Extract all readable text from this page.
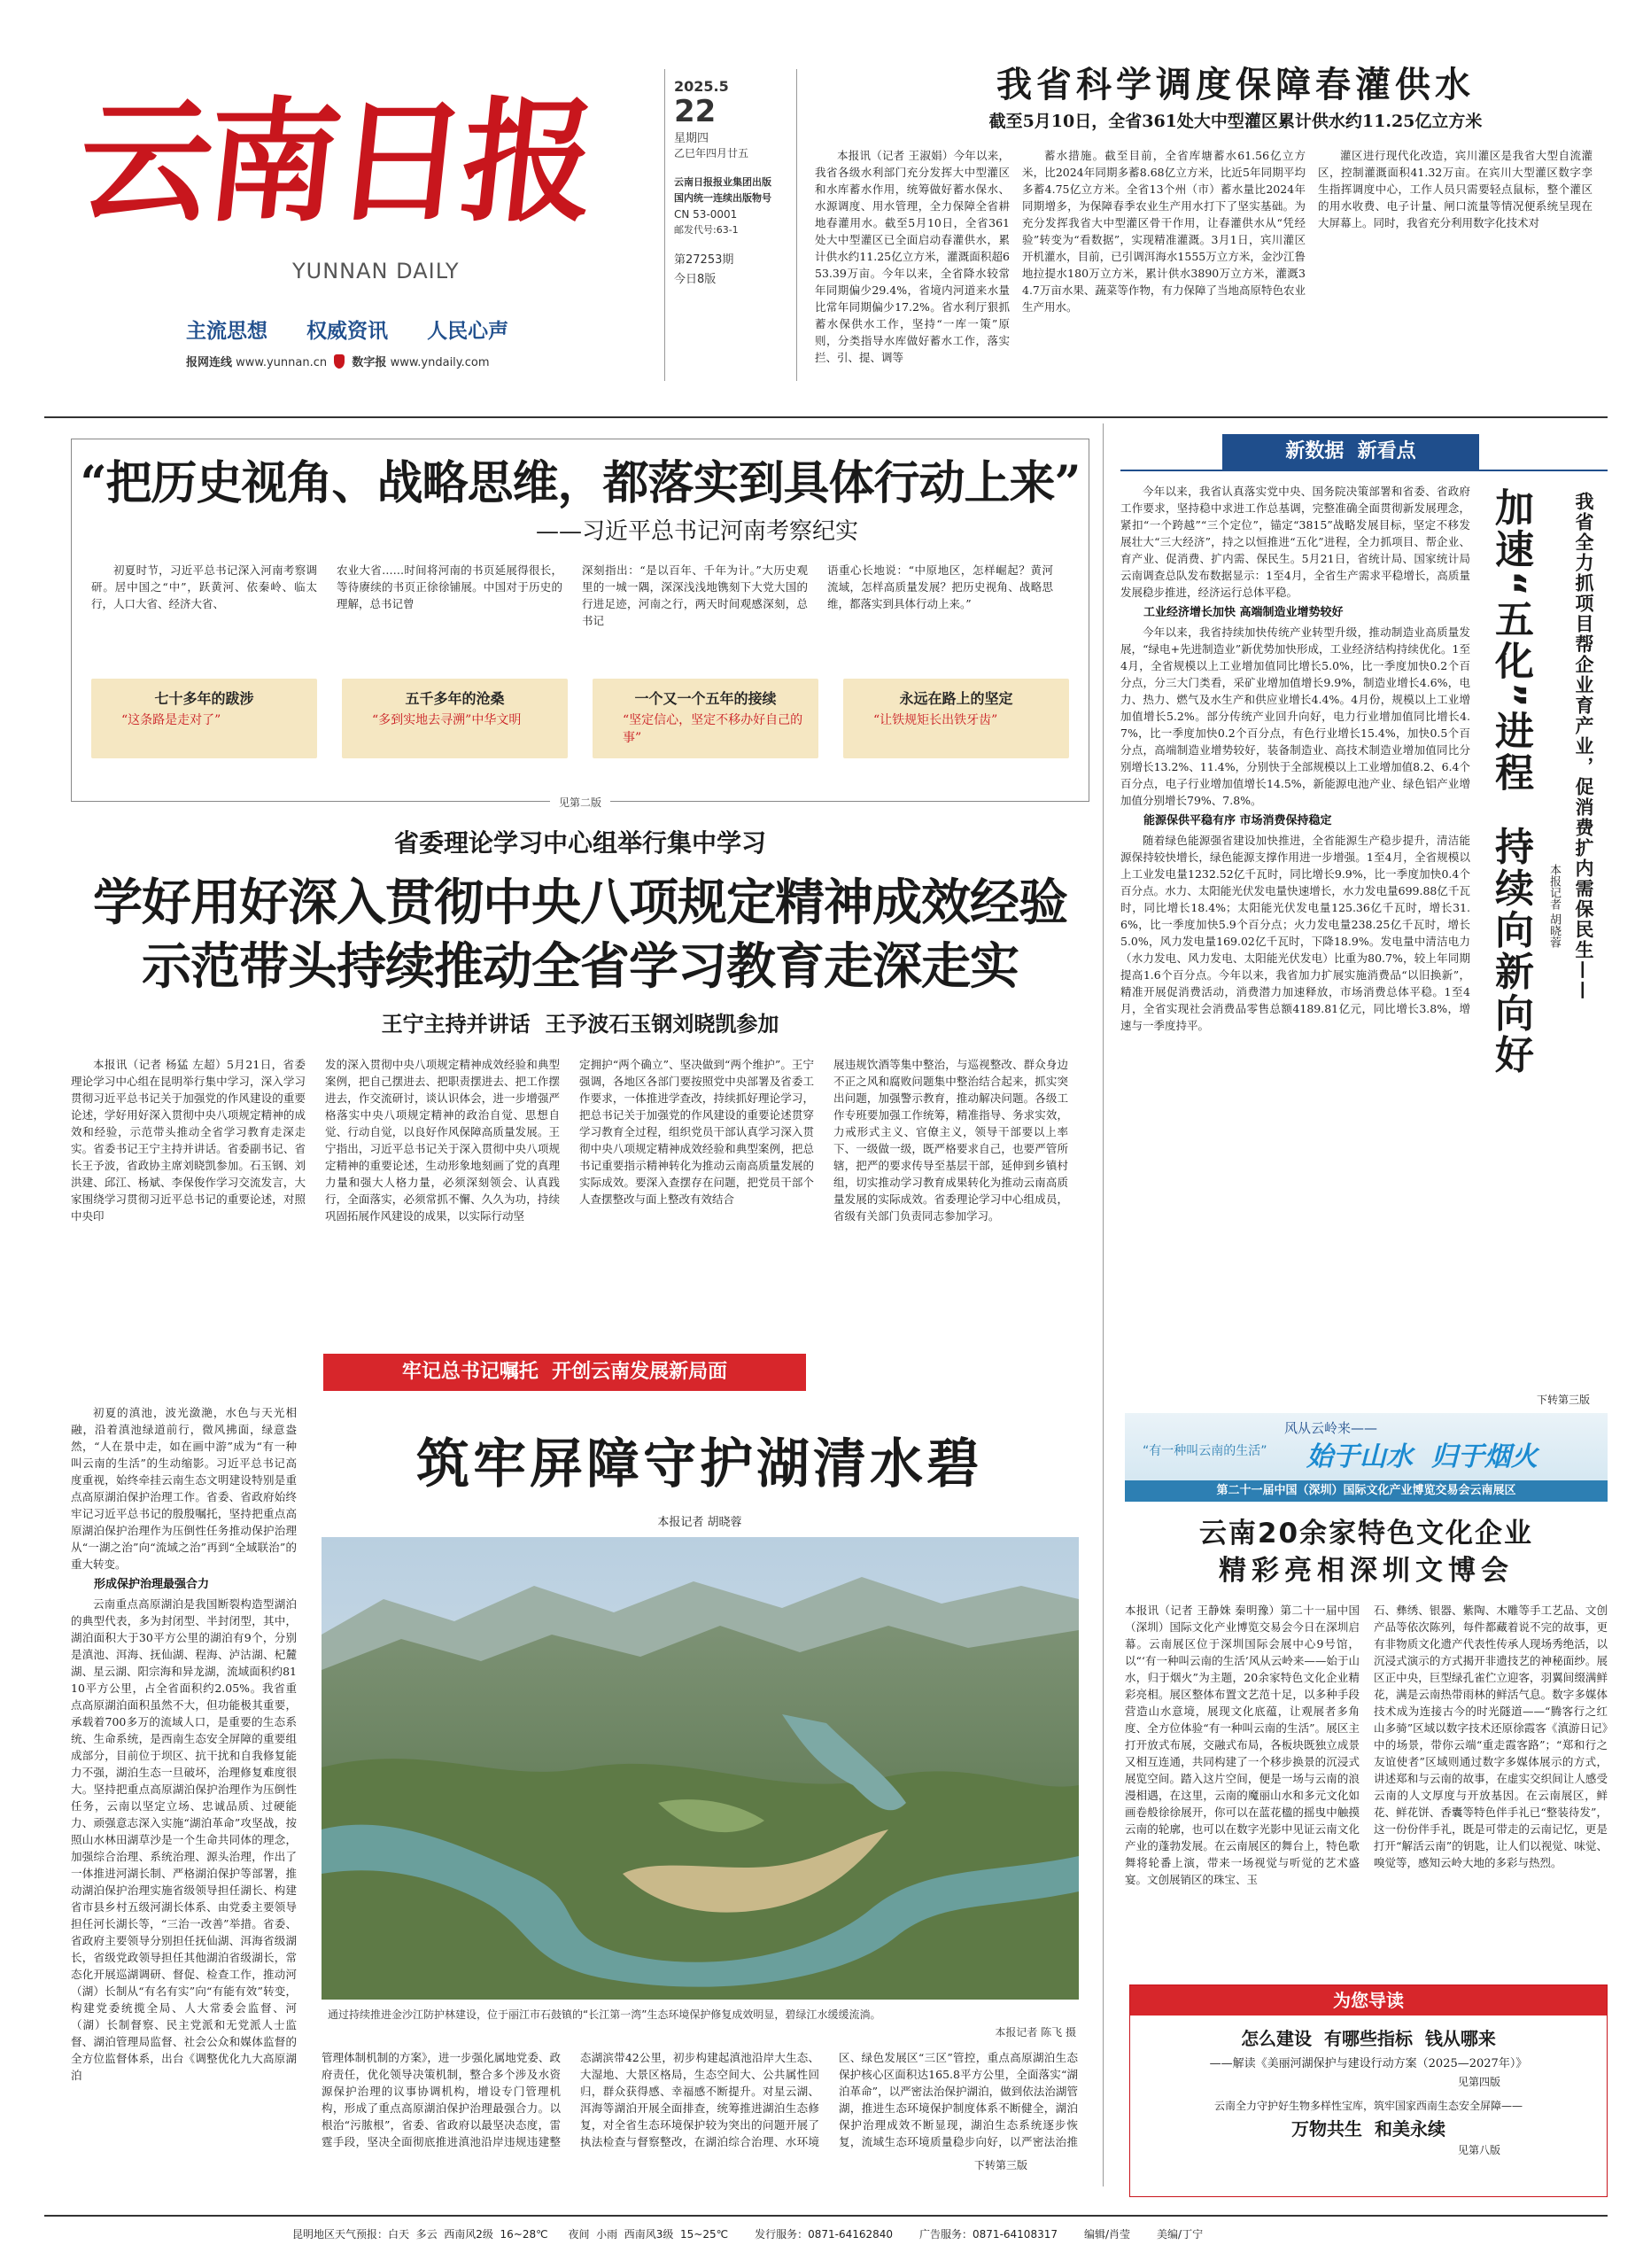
云南日报
YUNNAN DAILY
主流思想 权威资讯 人民心声
报网连线 www.yunnan.cn 数字报 www.yndaily.com
2025.5
22
星期四
乙巳年四月廿五
云南日报报业集团出版
国内统一连续出版物号
CN 53-0001
邮发代号:63-1
第27253期
今日8版
我省科学调度保障春灌供水
截至5月10日，全省361处大中型灌区累计供水约11.25亿立方米
本报讯（记者 王淑娟）今年以来，我省各级水利部门充分发挥大中型灌区和水库蓄水作用，统筹做好蓄水保水、水源调度、用水管理，全力保障全省耕地春灌用水。截至5月10日，全省361处大中型灌区已全面启动春灌供水，累计供水约11.25亿立方米，灌溉面积超653.39万亩。今年以来，全省降水较常年同期偏少29.4%，省境内河道来水量比常年同期偏少17.2%。省水利厅狠抓蓄水保供水工作，坚持“一库一策”原则，分类指导水库做好蓄水工作，落实拦、引、提、调等
蓄水措施。截至目前，全省库塘蓄水61.56亿立方米，比2024年同期多蓄8.68亿立方米，比近5年同期平均多蓄4.75亿立方米。全省13个州（市）蓄水量比2024年同期增多，为保障春季农业生产用水打下了坚实基础。为充分发挥我省大中型灌区骨干作用，让春灌供水从“凭经验”转变为“看数据”，实现精准灌溉。3月1日，宾川灌区开机灌水，目前，已引调洱海水1555万立方米，金沙江鲁地拉提水180万立方米，累计供水3890万立方米，灌溉34.7万亩水果、蔬菜等作物，有力保障了当地高原特色农业生产用水。
灌区进行现代化改造，宾川灌区是我省大型自流灌区，控制灌溉面积41.32万亩。在宾川大型灌区数字孪生指挥调度中心，工作人员只需要轻点鼠标，整个灌区的用水收费、电子计量、闸口流量等情况便系统呈现在大屏幕上。同时，我省充分利用数字化技术对
“把历史视角、战略思维，都落实到具体行动上来”
——习近平总书记河南考察纪实
初夏时节，习近平总书记深入河南考察调研。居中国之“中”，跃黄河、依秦岭、临太行，人口大省、经济大省、
农业大省……时间将河南的书页延展得很长，等待赓续的书页正徐徐铺展。中国对于历史的理解，总书记曾
深刻指出：“是以百年、千年为计。”大历史观里的一城一隅，深深浅浅地镌刻下大党大国的行进足迹，河南之行，两天时间观感深刻，总书记
语重心长地说：“中原地区，怎样崛起？黄河流域，怎样高质量发展？把历史视角、战略思维，都落实到具体行动上来。”
七十多年的跋涉
“这条路是走对了”
五千多年的沧桑
“多到实地去寻溯”中华文明
一个又一个五年的接续
“坚定信心，坚定不移办好自己的事”
永远在路上的坚定
“让铁规矩长出铁牙齿”
见第二版
省委理论学习中心组举行集中学习
学好用好深入贯彻中央八项规定精神成效经验
示范带头持续推动全省学习教育走深走实
王宁主持并讲话  王予波石玉钢刘晓凯参加
本报讯（记者 杨猛 左超）5月21日，省委理论学习中心组在昆明举行集中学习，深入学习贯彻习近平总书记关于加强党的作风建设的重要论述，学好用好深入贯彻中央八项规定精神的成效和经验，示范带头推动全省学习教育走深走实。省委书记王宁主持并讲话。省委副书记、省长王予波，省政协主席刘晓凯参加。石玉钢、刘洪建、邱江、杨斌、李保俊作学习交流发言，大家围绕学习贯彻习近平总书记的重要论述，对照中央印
发的深入贯彻中央八项规定精神成效经验和典型案例，把自己摆进去、把职责摆进去、把工作摆进去，作交流研讨，谈认识体会，进一步增强严格落实中央八项规定精神的政治自觉、思想自觉、行动自觉，以良好作风保障高质量发展。王宁指出，习近平总书记关于深入贯彻中央八项规定精神的重要论述，生动形象地刻画了党的真理力量和强大人格力量，必须深刻领会、认真践行，全面落实，必须常抓不懈、久久为功，持续巩固拓展作风建设的成果，以实际行动坚
定拥护“两个确立”、坚决做到“两个维护”。王宁强调，各地区各部门要按照党中央部署及省委工作要求，一体推进学查改，持续抓好理论学习，把总书记关于加强党的作风建设的重要论述贯穿学习教育全过程，组织党员干部认真学习深入贯彻中央八项规定精神成效经验和典型案例，把总书记重要指示精神转化为推动云南高质量发展的实际成效。要深入查摆存在问题，把党员干部个人查摆整改与面上整改有效结合
展违规饮酒等集中整治，与巡视整改、群众身边不正之风和腐败问题集中整治结合起来，抓实突出问题，加强警示教育，推动解决问题。各级工作专班要加强工作统筹，精准指导、务求实效，力戒形式主义、官僚主义，领导干部要以上率下、一级做一级，既严格要求自己，也要严管所辖，把严的要求传导至基层干部，延伸到乡镇村组，切实推动学习教育成果转化为推动云南高质量发展的实际成效。省委理论学习中心组成员，省级有关部门负责同志参加学习。
牢记总书记嘱托  开创云南发展新局面

初夏的滇池，波光潋滟，水色与天光相融，沿着滇池绿道前行，微风拂面，绿意盎然，“人在景中走，如在画中游”成为“有一种叫云南的生活”的生动缩影。习近平总书记高度重视，始终牵挂云南生态文明建设特别是重点高原湖泊保护治理工作。省委、省政府始终牢记习近平总书记的殷殷嘱托，坚持把重点高原湖泊保护治理作为压倒性任务推动保护治理从“一湖之治”向“流域之治”再到“全域联治”的重大转变。

形成保护治理最强合力

云南重点高原湖泊是我国断裂构造型湖泊的典型代表，多为封闭型、半封闭型，其中，湖泊面积大于30平方公里的湖泊有9个，分别是滇池、洱海、抚仙湖、程海、泸沽湖、杞麓湖、星云湖、阳宗海和异龙湖，流域面积约8110平方公里，占全省面积约2.05%。我省重点高原湖泊面积虽然不大，但功能极其重要，承载着700多万的流域人口，是重要的生态系统、生命系统，是西南生态安全屏障的重要组成部分，目前位于坝区、抗干扰和自我修复能力不强，湖泊生态一旦破坏，治理修复难度很大。坚持把重点高原湖泊保护治理作为压倒性任务，云南以坚定立场、忠诚品质、过硬能力、顽强意志深入实施“湖泊革命”攻坚战，按照山水林田湖草沙是一个生命共同体的理念，加强综合治理、系统治理、源头治理，作出了一体推进河湖长制、严格湖泊保护等部署，推动湖泊保护治理实施省级领导担任湖长、构建省市县乡村五级河湖长体系、由党委主要领导担任河长湖长等，“三治一改善”举措。省委、省政府主要领导分别担任抚仙湖、洱海省级湖长，省级党政领导担任其他湖泊省级湖长，常态化开展巡湖调研、督促、检查工作，推动河（湖）长制从“有名有实”向“有能有效”转变，构建党委统揽全局、人大常委会监督、河（湖）长制督察、民主党派和无党派人士监督、湖泊管理局监督、社会公众和媒体监督的全方位监督体系，出台《调整优化九大高原湖泊

筑牢屏障守护湖清水碧
本报记者 胡晓蓉
通过持续推进金沙江防护林建设，位于丽江市石鼓镇的“长江第一湾”生态环境保护修复成效明显，碧绿江水缓缓流淌。
本报记者 陈飞 摄
管理体制机制的方案》，进一步强化属地党委、政府责任，优化领导决策机制，整合多个涉及水资源保护治理的议事协调机构，增设专门管理机构，形成了重点高原湖泊保护治理最强合力。以根治“污脓根”，省委、省政府以最坚决态度，雷霆手段，坚决全面彻底推进滇池沿岸违规违建整
态湖滨带42公里，初步构建起滇池沿岸大生态、大湿地、大景区格局，生态空间大、公共属性回归，群众获得感、幸福感不断提升。对星云湖、洱海等湖泊开展全面排查，统筹推进湖泊生态修复，对全省生态环境保护较为突出的问题开展了执法检查与督察整改，在湖泊综合治理、水环境
区、绿色发展区“三区”管控，重点高原湖泊生态保护核心区面积达165.8平方公里，全面落实“湖泊革命”，以严密法治保护湖泊，做到依法治湖管湖，推进生态环境保护制度体系不断健全，湖泊保护治理成效不断显现，湖泊生态系统逐步恢复，流域生态环境质量稳步向好，以严密法治推
下转第三版
新数据  新看点

今年以来，我省认真落实党中央、国务院决策部署和省委、省政府工作要求，坚持稳中求进工作总基调，完整准确全面贯彻新发展理念，紧扣“一个跨越”“三个定位”，锚定“3815”战略发展目标，坚定不移发展壮大“三大经济”，持之以恒推进“五化”进程，全力抓项目、帮企业、育产业、促消费、扩内需、保民生。5月21日，省统计局、国家统计局云南调查总队发布数据显示：1至4月，全省生产需求平稳增长，高质量发展稳步推进，经济运行总体平稳。

工业经济增长加快 高端制造业增势较好

今年以来，我省持续加快传统产业转型升级，推动制造业高质量发展，“绿电+先进制造业”新优势加快形成，工业经济结构持续优化。1至4月，全省规模以上工业增加值同比增长5.0%，比一季度加快0.2个百分点，分三大门类看，采矿业增加值增长9.9%，制造业增长4.6%，电力、热力、燃气及水生产和供应业增长4.4%。4月份，规模以上工业增加值增长5.2%。部分传统产业回升向好，电力行业增加值同比增长4.7%，比一季度加快0.2个百分点，有色行业增长15.4%，加快0.5个百分点，高端制造业增势较好，装备制造业、高技术制造业增加值同比分别增长13.2%、11.4%，分别快于全部规模以上工业增加值8.2、6.4个百分点，电子行业增加值增长14.5%，新能源电池产业、绿色铝产业增加值分别增长79%、7.8%。

能源保供平稳有序 市场消费保持稳定

随着绿色能源强省建设加快推进，全省能源生产稳步提升，清洁能源保持较快增长，绿色能源支撑作用进一步增强。1至4月，全省规模以上工业发电量1232.52亿千瓦时，同比增长9.9%，比一季度加快0.4个百分点。水力、太阳能光伏发电量快速增长，水力发电量699.88亿千瓦时，同比增长18.4%；太阳能光伏发电量125.36亿千瓦时，增长31.6%，比一季度加快5.9个百分点；火力发电量238.25亿千瓦时，增长5.0%，风力发电量169.02亿千瓦时，下降18.9%。发电量中清洁电力（水力发电、风力发电、太阳能光伏发电）比重为80.7%，较上年同期提高1.6个百分点。今年以来，我省加力扩展实施消费品“以旧换新”，精准开展促消费活动，消费潜力加速释放，市场消费总体平稳。1至4月，全省实现社会消费品零售总额4189.81亿元，同比增长3.8%，增速与一季度持平。

我省全力抓项目帮企业育产业，促消费扩内需保民生——
加速“五化”进程  持续向新向好 本报记者 胡晓蓉
下转第三版
风从云岭来——
“有一种叫云南的生活” 始于山水  归于烟火
第二十一届中国（深圳）国际文化产业博览交易会云南展区
云南20余家特色文化企业
精彩亮相深圳文博会
本报讯（记者 王静姝 秦明豫）第二十一届中国（深圳）国际文化产业博览交易会今日在深圳启幕。云南展区位于深圳国际会展中心9号馆，以“‘有一种叫云南的生活’风从云岭来——始于山水，归于烟火”为主题，20余家特色文化企业精彩亮相。展区整体布置文艺范十足，以多种手段营造山水意境，展现文化底蕴，让观展者多角度、全方位体验“有一种叫云南的生活”。展区主打开放式布展，交融式布局，各板块既独立成景又相互连通，共同构建了一个移步换景的沉浸式展览空间。踏入这片空间，便是一场与云南的浪漫相遇，在这里，云南的魔丽山水和多元文化如画卷般徐徐展开，你可以在蓝花楹的摇曳中触摸云南的轮廓，也可以在数字光影中见证云南文化产业的蓬勃发展。在云南展区的舞台上，特色歌舞将轮番上演，带来一场视觉与听觉的艺术盛宴。文创展销区的珠宝、玉
石、彝绣、银器、紫陶、木雕等手工艺品、文创产品等依次陈列，每件都藏着说不完的故事，更有非物质文化遗产代表性传承人现场秀绝活，以沉浸式演示的方式揭开非遗技艺的神秘面纱。展区正中央，巨型绿孔雀伫立迎客，羽翼间缀满鲜花，满是云南热带雨林的鲜活气息。数字多媒体技术成为连接古今的时光隧道——“腾客行之红山多骑”区域以数字技术还原徐霞客《滇游日记》中的场景，带你云端“重走霞客路”；“郑和行之友谊使者”区域则通过数字多媒体展示的方式，讲述郑和与云南的故事，在虚实交织间让人感受云南的人文厚度与开放基因。在云南展区，鲜花、鲜花饼、香囊等特色伴手礼已“整装待发”，这一份份伴手礼，既是可带走的云南记忆，更是打开“解活云南”的钥匙，让人们以视觉、味觉、嗅觉等，感知云岭大地的多彩与热烈。
为您导读
怎么建设  有哪些指标  钱从哪来
——解读《美丽河湖保护与建设行动方案（2025—2027年）》
见第四版
云南全力守护好生物多样性宝库，筑牢国家西南生态安全屏障——
万物共生  和美永续
见第八版
昆明地区天气预报：白天  多云  西南风2级  16~28℃      夜间  小雨  西南风3级  15~25℃	发行服务：0871-64162840	广告服务：0871-64108317	编辑/肖莹	美编/丁宁
